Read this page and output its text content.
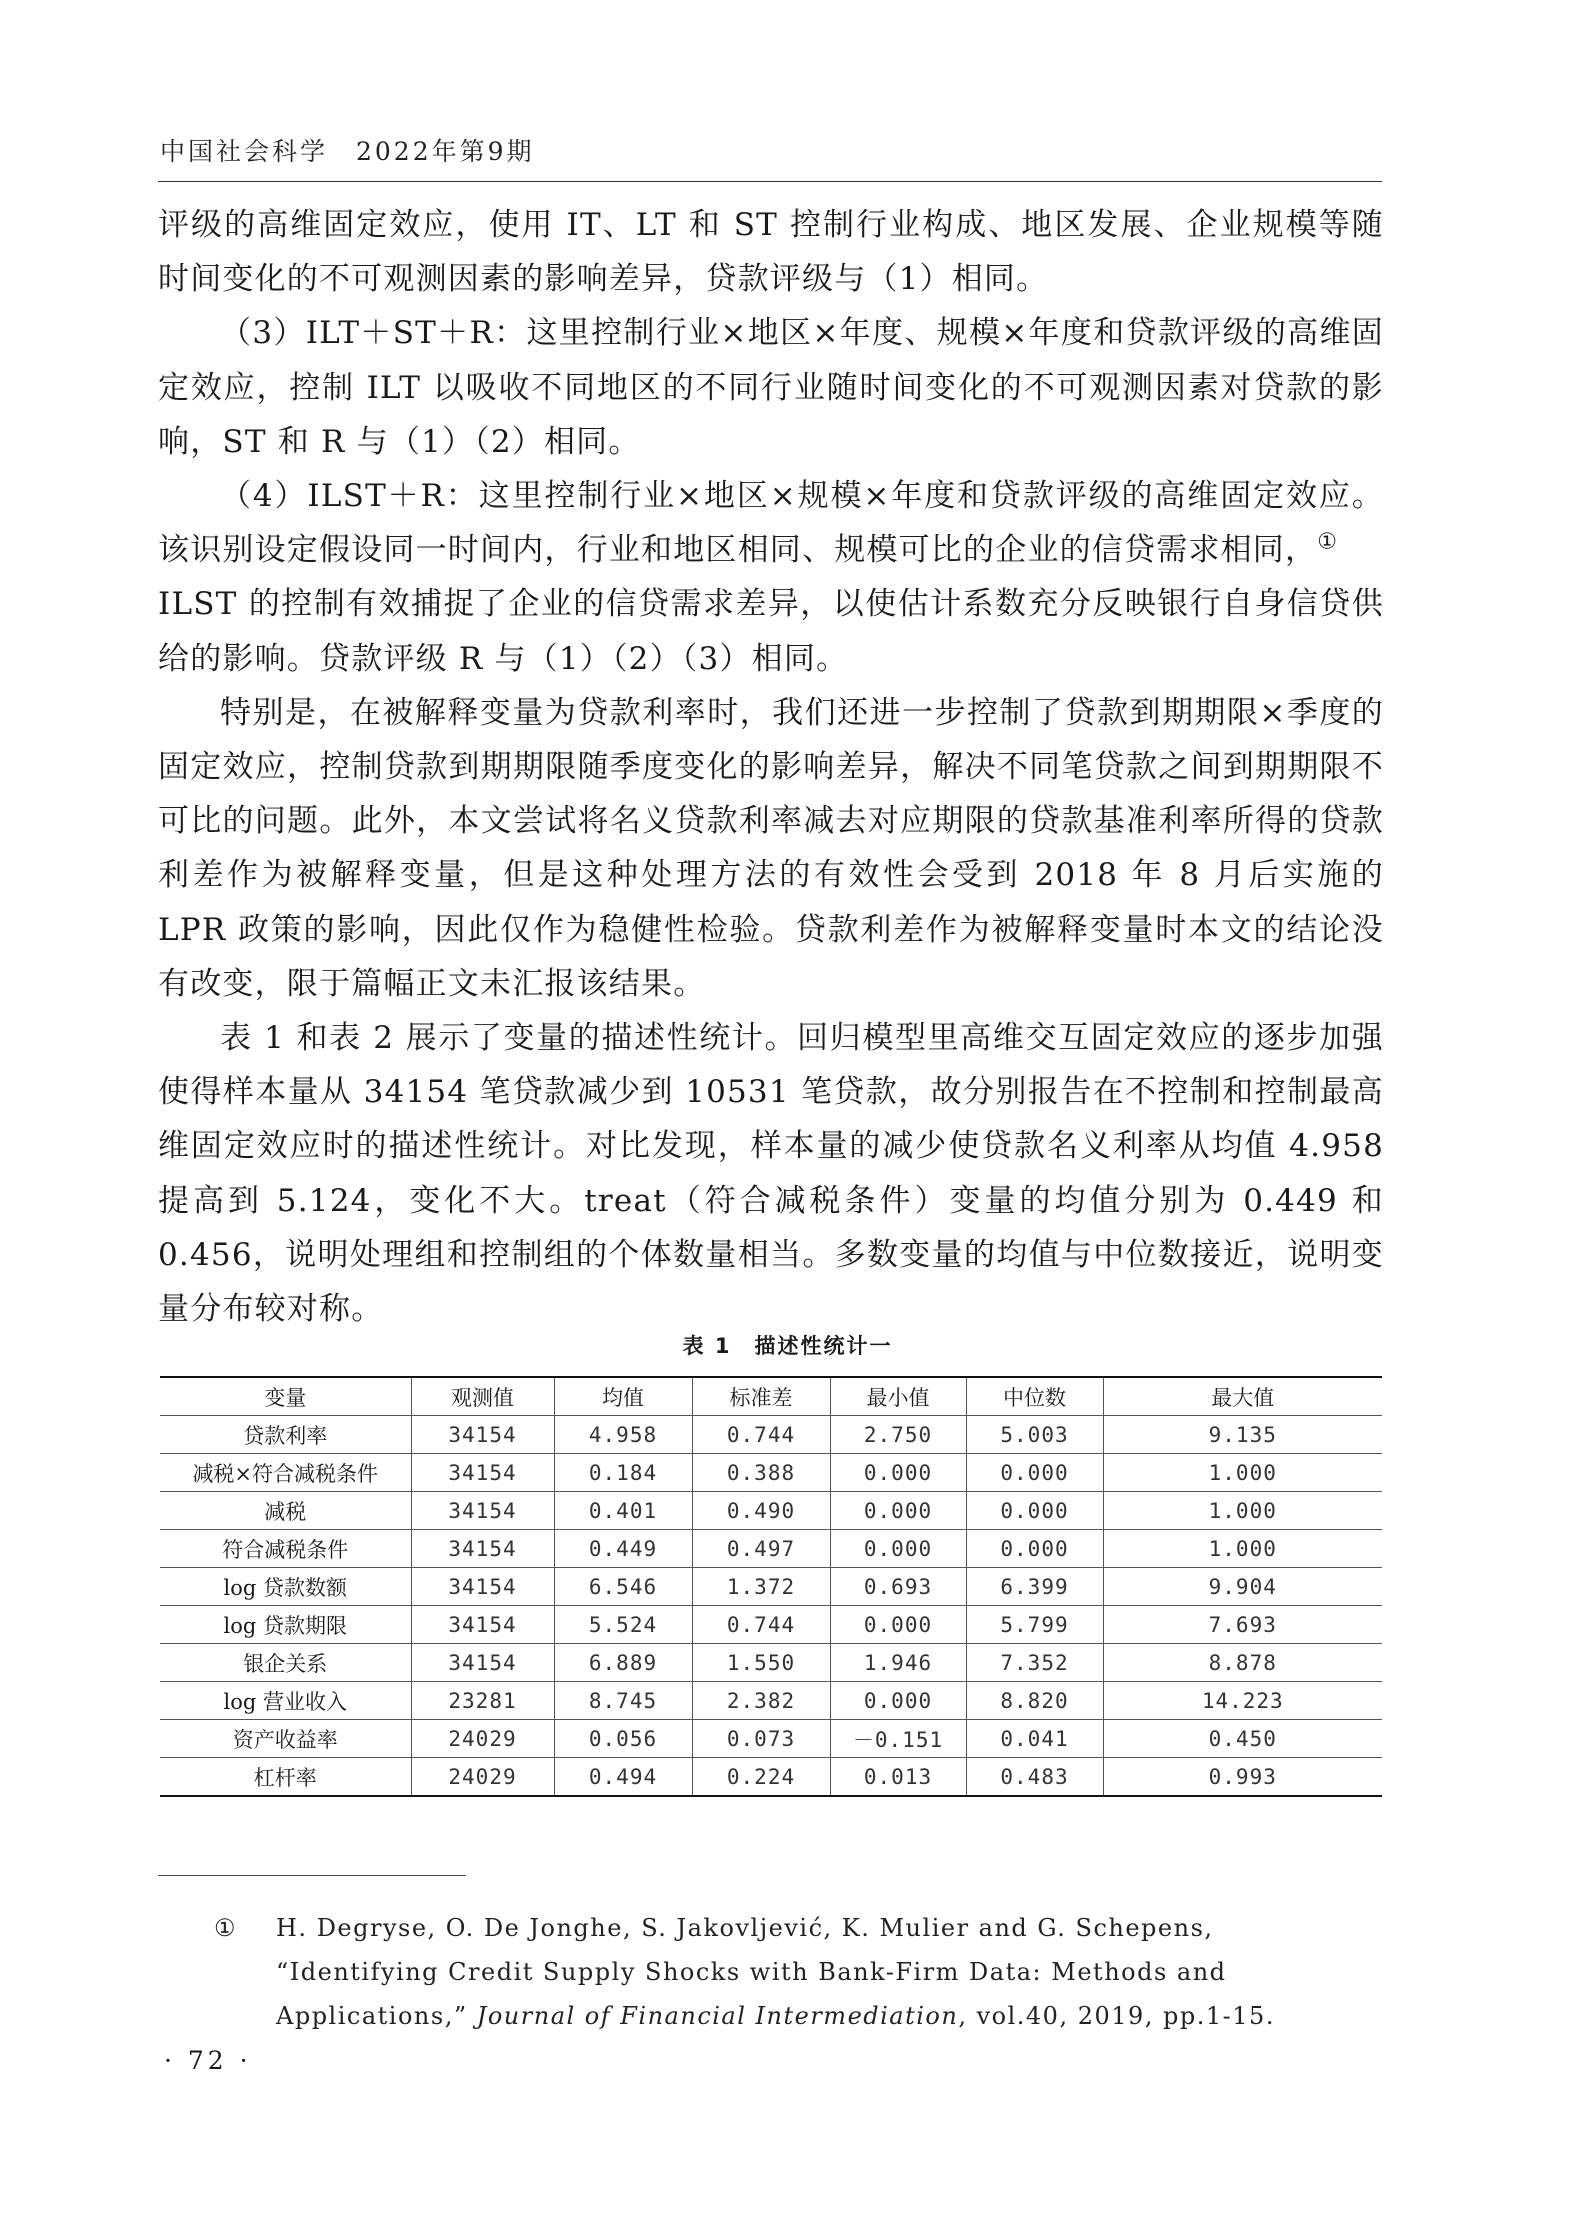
中国社会科学　2022年第9期

评级的高维固定效应，使用 IT、LT 和 ST 控制行业构成、地区发展、企业规模等随时间变化的不可观测因素的影响差异，贷款评级与（1）相同。

（3）ILT＋ST＋R：这里控制行业×地区×年度、规模×年度和贷款评级的高维固定效应，控制 ILT 以吸收不同地区的不同行业随时间变化的不可观测因素对贷款的影响，ST 和 R 与（1）（2）相同。

（4）ILST＋R：这里控制行业×地区×规模×年度和贷款评级的高维固定效应。该识别设定假设同一时间内，行业和地区相同、规模可比的企业的信贷需求相同，①

ILST 的控制有效捕捉了企业的信贷需求差异，以使估计系数充分反映银行自身信贷供给的影响。贷款评级 R 与（1）（2）（3）相同。

特别是，在被解释变量为贷款利率时，我们还进一步控制了贷款到期期限×季度的固定效应，控制贷款到期期限随季度变化的影响差异，解决不同笔贷款之间到期期限不可比的问题。此外，本文尝试将名义贷款利率减去对应期限的贷款基准利率所得的贷款利差作为被解释变量，但是这种处理方法的有效性会受到 2018 年 8 月后实施的 LPR 政策的影响，因此仅作为稳健性检验。贷款利差作为被解释变量时本文的结论没有改变，限于篇幅正文未汇报该结果。

表 1 和表 2 展示了变量的描述性统计。回归模型里高维交互固定效应的逐步加强使得样本量从 34154 笔贷款减少到 10531 笔贷款，故分别报告在不控制和控制最高维固定效应时的描述性统计。对比发现，样本量的减少使贷款名义利率从均值 4.958 提高到 5.124，变化不大。treat（符合减税条件）变量的均值分别为 0.449 和 0.456，说明处理组和控制组的个体数量相当。多数变量的均值与中位数接近，说明变量分布较对称。

表 1　描述性统计一
变量	观测值	均值	标准差	最小值	中位数	最大值
贷款利率	34154	4.958	0.744	2.750	5.003	9.135
减税×符合减税条件	34154	0.184	0.388	0.000	0.000	1.000
减税	34154	0.401	0.490	0.000	0.000	1.000
符合减税条件	34154	0.449	0.497	0.000	0.000	1.000
log 贷款数额	34154	6.546	1.372	0.693	6.399	9.904
log 贷款期限	34154	5.524	0.744	0.000	5.799	7.693
银企关系	34154	6.889	1.550	1.946	7.352	8.878
log 营业收入	23281	8.745	2.382	0.000	8.820	14.223
资产收益率	24029	0.056	0.073	－0.151	0.041	0.450
杠杆率	24029	0.494	0.224	0.013	0.483	0.993
① H. Degryse, O. De Jonghe, S. Jakovljević, K. Mulier and G. Schepens, “Identifying Credit Supply Shocks with Bank-Firm Data: Methods and Applications,” Journal of Financial Intermediation, vol.40, 2019, pp.1-15.
· 72 ·
